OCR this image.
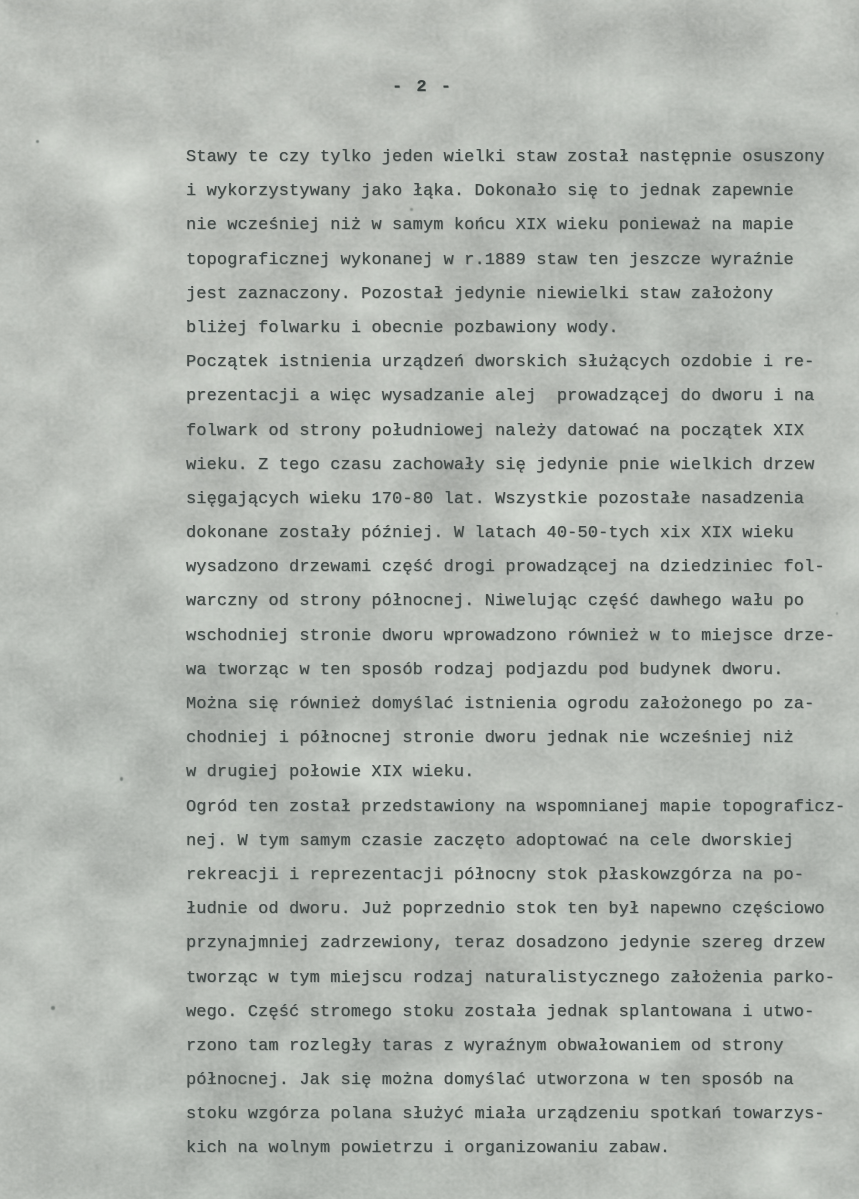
- 2 -
Stawy te czy tylko jeden wielki staw został następnie osuszony
i wykorzystywany jako łąka. Dokonało się to jednak zapewnie
nie wcześniej niż w samym końcu XIX wieku ponieważ na mapie
topograficznej wykonanej w r.1889 staw ten jeszcze wyraźnie
jest zaznaczony. Pozostał jedynie niewielki staw założony
bliżej folwarku i obecnie pozbawiony wody.
Początek istnienia urządzeń dworskich służących ozdobie i re-
prezentacji a więc wysadzanie alej  prowadzącej do dworu i na
folwark od strony południowej należy datować na początek XIX
wieku. Z tego czasu zachowały się jedynie pnie wielkich drzew
sięgających wieku 170-80 lat. Wszystkie pozostałe nasadzenia
dokonane zostały później. W latach 40-50-tych xix XIX wieku
wysadzono drzewami część drogi prowadzącej na dziedziniec fol-
warczny od strony północnej. Niwelując część dawhego wału po
wschodniej stronie dworu wprowadzono również w to miejsce drze-
wa tworząc w ten sposób rodzaj podjazdu pod budynek dworu.
Można się również domyślać istnienia ogrodu założonego po za-
chodniej i północnej stronie dworu jednak nie wcześniej niż
w drugiej połowie XIX wieku.
Ogród ten został przedstawiony na wspomnianej mapie topograficz-
nej. W tym samym czasie zaczęto adoptować na cele dworskiej
rekreacji i reprezentacji północny stok płaskowzgórza na po-
łudnie od dworu. Już poprzednio stok ten był napewno częściowo
przynajmniej zadrzewiony, teraz dosadzono jedynie szereg drzew
tworząc w tym miejscu rodzaj naturalistycznego założenia parko-
wego. Część stromego stoku została jednak splantowana i utwo-
rzono tam rozległy taras z wyraźnym obwałowaniem od strony
północnej. Jak się można domyślać utworzona w ten sposób na
stoku wzgórza polana służyć miała urządzeniu spotkań towarzys-
kich na wolnym powietrzu i organizowaniu zabaw.
